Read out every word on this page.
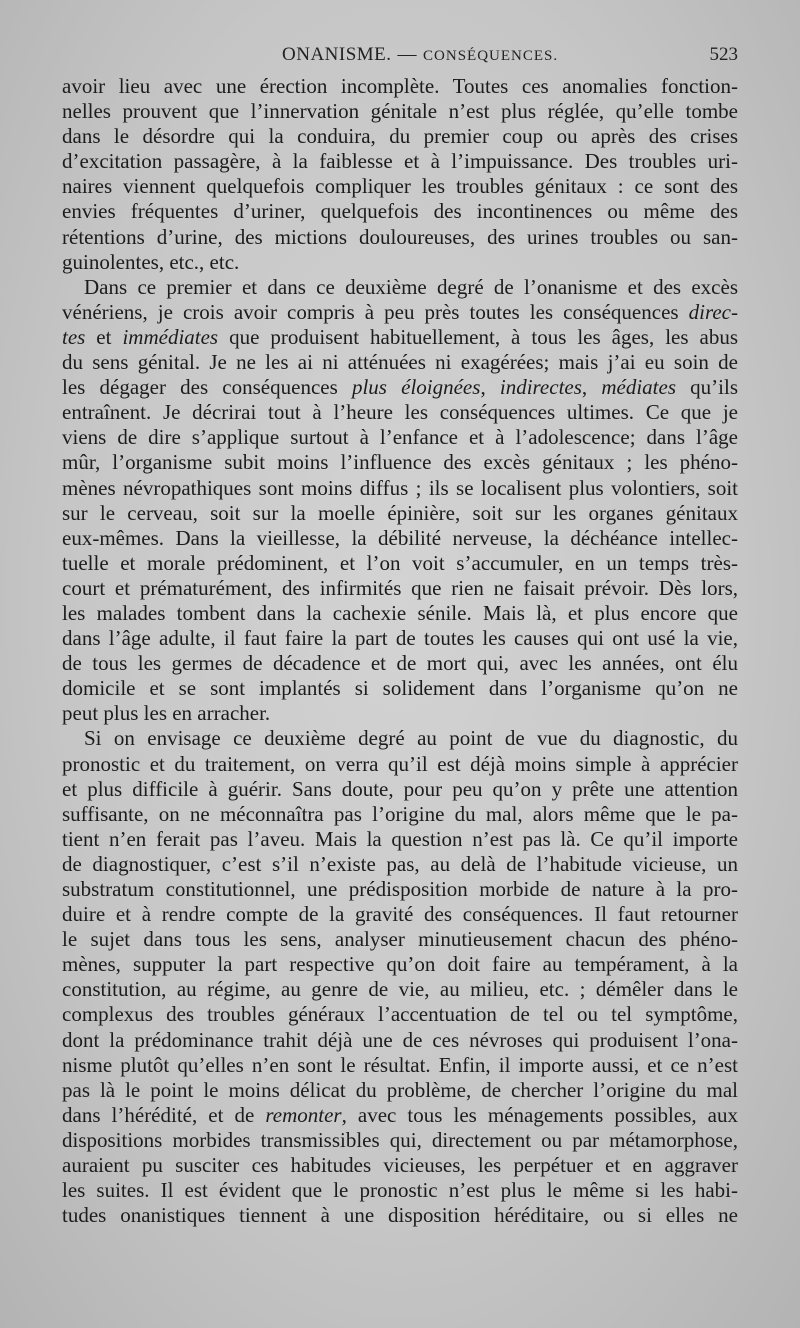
ONANISME. — CONSÉQUENCES.	523
avoir lieu avec une érection incomplète. Toutes ces anomalies fonction-
nelles prouvent que l’innervation génitale n’est plus réglée, qu’elle tombe
dans le désordre qui la conduira, du premier coup ou après des crises
d’excitation passagère, à la faiblesse et à l’impuissance. Des troubles uri-
naires viennent quelquefois compliquer les troubles génitaux : ce sont des
envies fréquentes d’uriner, quelquefois des incontinences ou même des
rétentions d’urine, des mictions douloureuses, des urines troubles ou san-
guinolentes, etc., etc.
Dans ce premier et dans ce deuxième degré de l’onanisme et des excès
vénériens, je crois avoir compris à peu près toutes les conséquences direc-
tes et immédiates que produisent habituellement, à tous les âges, les abus
du sens génital. Je ne les ai ni atténuées ni exagérées; mais j’ai eu soin de
les dégager des conséquences plus éloignées, indirectes, médiates qu’ils
entraînent. Je décrirai tout à l’heure les conséquences ultimes. Ce que je
viens de dire s’applique surtout à l’enfance et à l’adolescence; dans l’âge
mûr, l’organisme subit moins l’influence des excès génitaux ; les phéno-
mènes névropathiques sont moins diffus ; ils se localisent plus volontiers, soit
sur le cerveau, soit sur la moelle épinière, soit sur les organes génitaux
eux-mêmes. Dans la vieillesse, la débilité nerveuse, la déchéance intellec-
tuelle et morale prédominent, et l’on voit s’accumuler, en un temps très-
court et prématurément, des infirmités que rien ne faisait prévoir. Dès lors,
les malades tombent dans la cachexie sénile. Mais là, et plus encore que
dans l’âge adulte, il faut faire la part de toutes les causes qui ont usé la vie,
de tous les germes de décadence et de mort qui, avec les années, ont élu
domicile et se sont implantés si solidement dans l’organisme qu’on ne
peut plus les en arracher.
Si on envisage ce deuxième degré au point de vue du diagnostic, du
pronostic et du traitement, on verra qu’il est déjà moins simple à apprécier
et plus difficile à guérir. Sans doute, pour peu qu’on y prête une attention
suffisante, on ne méconnaîtra pas l’origine du mal, alors même que le pa-
tient n’en ferait pas l’aveu. Mais la question n’est pas là. Ce qu’il importe
de diagnostiquer, c’est s’il n’existe pas, au delà de l’habitude vicieuse, un
substratum constitutionnel, une prédisposition morbide de nature à la pro-
duire et à rendre compte de la gravité des conséquences. Il faut retourner
le sujet dans tous les sens, analyser minutieusement chacun des phéno-
mènes, supputer la part respective qu’on doit faire au tempérament, à la
constitution, au régime, au genre de vie, au milieu, etc. ; démêler dans le
complexus des troubles généraux l’accentuation de tel ou tel symptôme,
dont la prédominance trahit déjà une de ces névroses qui produisent l’ona-
nisme plutôt qu’elles n’en sont le résultat. Enfin, il importe aussi, et ce n’est
pas là le point le moins délicat du problème, de chercher l’origine du mal
dans l’hérédité, et de remonter, avec tous les ménagements possibles, aux
dispositions morbides transmissibles qui, directement ou par métamorphose,
auraient pu susciter ces habitudes vicieuses, les perpétuer et en aggraver
les suites. Il est évident que le pronostic n’est plus le même si les habi-
tudes onanistiques tiennent à une disposition héréditaire, ou si elles ne
